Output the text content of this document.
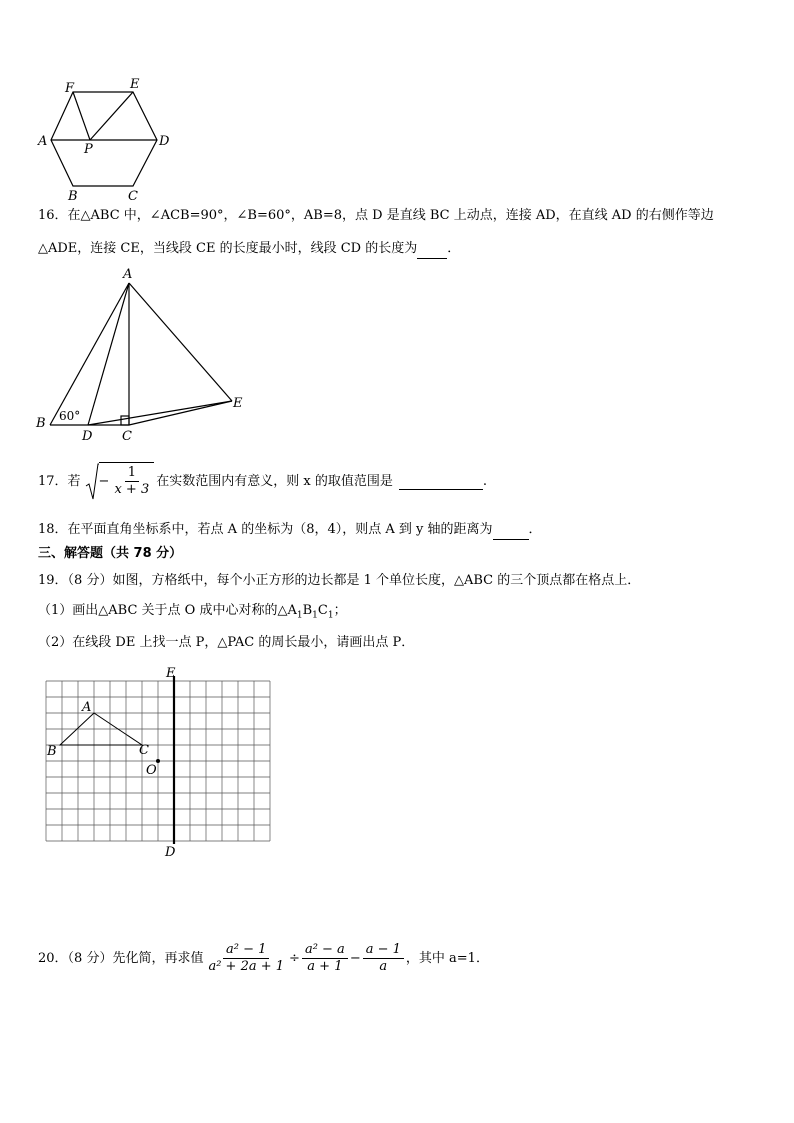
F	E
A	D
P
B	C
16．在△ABC 中，∠ACB=90°，∠B=60°，AB=8，点 D 是直线 BC 上动点，连接 AD，在直线 AD 的右侧作等边
△ADE，连接 CE，当线段 CE 的长度最小时，线段 CD 的长度为 ．
A
B
D C
E
60°
17．若 − $\frac{1}{x + 3}$ 在实数范围内有意义，则 x 的取值范围是	.
18．在平面直角坐标系中，若点 A 的坐标为（8，4），则点 A 到 y 轴的距离为	．
三、解答题（共 78 分）
19．（8 分）如图，方格纸中，每个小正方形的边长都是 1 个单位长度，△ABC 的三个顶点都在格点上．
（1）画出△ABC 关于点 O 成中心对称的$\triangle A_1B_1C_1$；
（2）在线段 DE 上找一点 P，△PAC 的周长最小，请画出点 P．
A
B	C
O
E
D
20．（8 分）先化简，再求值 $\frac{\text{a² − 1}}{\text{a² + 2a + 1}} \div \frac{\text{a² − a}}{a + 1} - \frac{a - 1}{a}$ ，其中 a=1．
